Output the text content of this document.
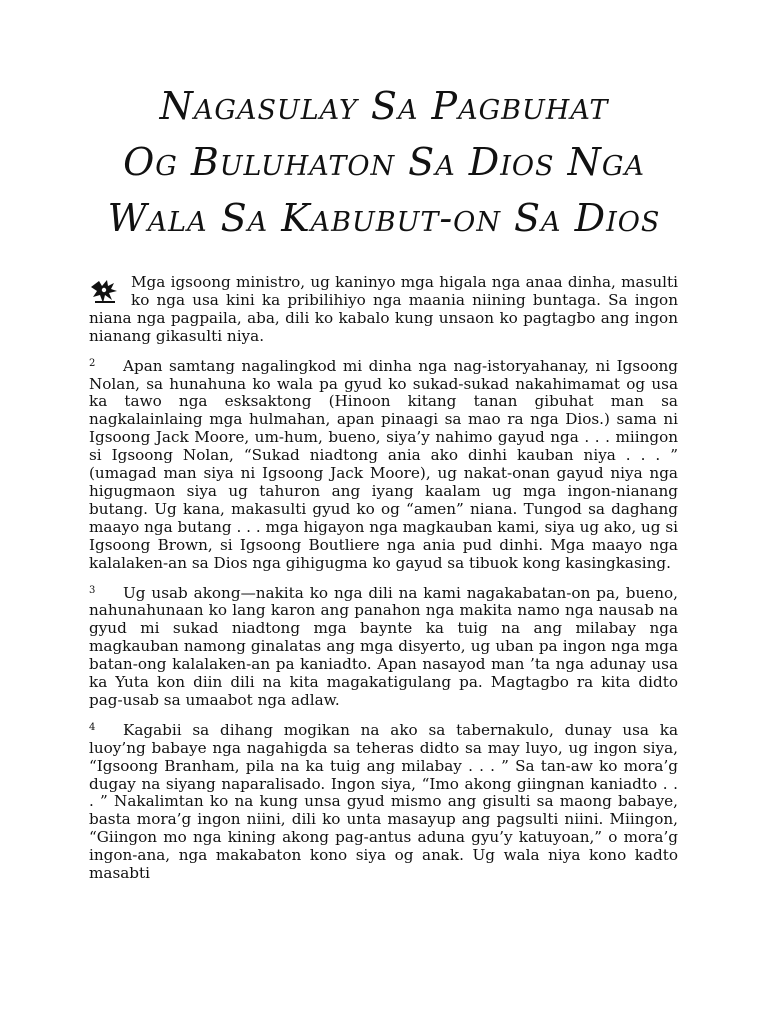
Nagasulay Sa Pagbuhat
Og Buluhaton Sa Dios Nga
Wala Sa Kabubut-on Sa Dios

Mga igsoong ministro, ug kaninyo mga higala nga anaa dinha, masulti ko nga usa kini ka pribilihiyo nga maania niining buntaga. Sa ingon niana nga pagpaila, aba, dili ko kabalo kung unsaon ko pagtagbo ang ingon nianang gikasulti niya.

2 Apan samtang nagalingkod mi dinha nga nag-istoryahanay, ni Igsoong Nolan, sa hunahuna ko wala pa gyud ko sukad-sukad nakahimamat og usa ka tawo nga esksaktong (Hinoon kitang tanan gibuhat man sa nagkalainlaing mga hulmahan, apan pinaagi sa mao ra nga Dios.) sama ni Igsoong Jack Moore, um-hum, bueno, siya’y nahimo gayud nga . . . miingon si Igsoong Nolan, “Sukad niadtong ania ako dinhi kauban niya . . . ” (umagad man siya ni Igsoong Jack Moore), ug nakat-onan gayud niya nga higugmaon siya ug tahuron ang iyang kaalam ug mga ingon-nianang butang. Ug kana, makasulti gyud ko og “amen” niana. Tungod sa daghang maayo nga butang . . . mga higayon nga magkauban kami, siya ug ako, ug si Igsoong Brown, si Igsoong Boutliere nga ania pud dinhi. Mga maayo nga kalalaken-an sa Dios nga gihigugma ko gayud sa tibuok kong kasingkasing.

3 Ug usab akong—nakita ko nga dili na kami nagakabatan-on pa, bueno, nahunahunaan ko lang karon ang panahon nga makita namo nga nausab na gyud mi sukad niadtong mga baynte ka tuig na ang milabay nga magkauban namong ginalatas ang mga disyerto, ug uban pa ingon nga mga batan-ong kalalaken-an pa kaniadto. Apan nasayod man ’ta nga adunay usa ka Yuta kon diin dili na kita magakatigulang pa. Magtagbo ra kita didto pag-usab sa umaabot nga adlaw.

4 Kagabii sa dihang mogikan na ako sa tabernakulo, dunay usa ka luoy’ng babaye nga nagahigda sa teheras didto sa may luyo, ug ingon siya, “Igsoong Branham, pila na ka tuig ang milabay . . . ” Sa tan-aw ko mora’g dugay na siyang naparalisado. Ingon siya, “Imo akong giingnan kaniadto . . . ” Nakalimtan ko na kung unsa gyud mismo ang gisulti sa maong babaye, basta mora’g ingon niini, dili ko unta masayup ang pagsulti niini. Miingon, “Giingon mo nga kining akong pag-antus aduna gyu’y katuyoan,” o mora’g ingon-ana, nga makabaton kono siya og anak. Ug wala niya kono kadto masabti
